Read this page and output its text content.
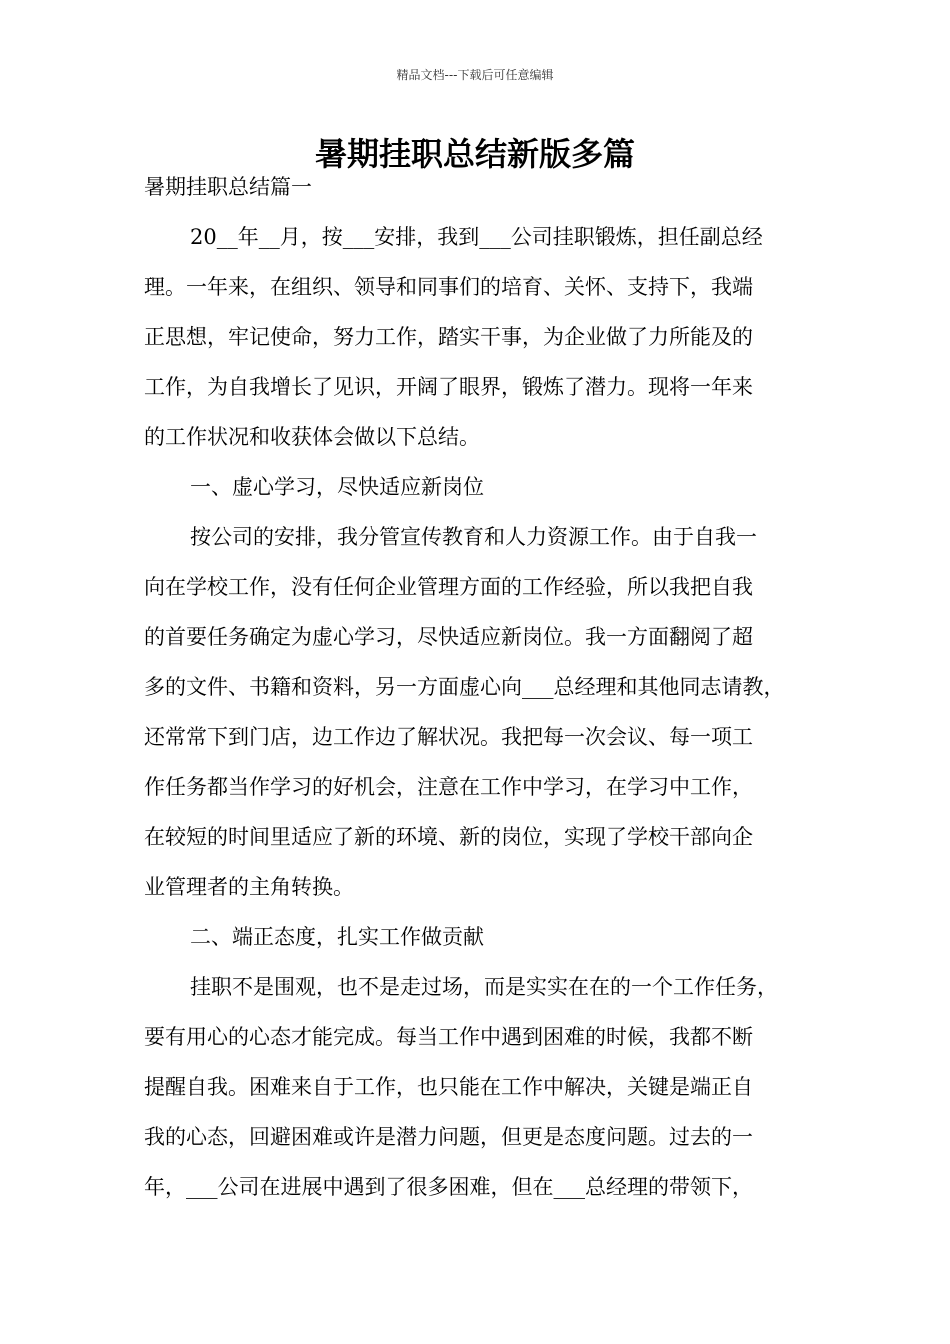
精品文档---下载后可任意编辑
暑期挂职总结新版多篇
暑期挂职总结篇一
20__年__月，按___安排，我到___公司挂职锻炼，担任副总经
理。一年来，在组织、领导和同事们的培育、关怀、支持下，我端
正思想，牢记使命，努力工作，踏实干事，为企业做了力所能及的
工作，为自我增长了见识，开阔了眼界，锻炼了潜力。现将一年来
的工作状况和收获体会做以下总结。
一、虚心学习，尽快适应新岗位
按公司的安排，我分管宣传教育和人力资源工作。由于自我一
向在学校工作，没有任何企业管理方面的工作经验，所以我把自我
的首要任务确定为虚心学习，尽快适应新岗位。我一方面翻阅了超
多的文件、书籍和资料，另一方面虚心向___总经理和其他同志请教，
还常常下到门店，边工作边了解状况。我把每一次会议、每一项工
作任务都当作学习的好机会，注意在工作中学习，在学习中工作，
在较短的时间里适应了新的环境、新的岗位，实现了学校干部向企
业管理者的主角转换。
二、端正态度，扎实工作做贡献
挂职不是围观，也不是走过场，而是实实在在的一个工作任务，
要有用心的心态才能完成。每当工作中遇到困难的时候，我都不断
提醒自我。困难来自于工作，也只能在工作中解决，关键是端正自
我的心态，回避困难或许是潜力问题，但更是态度问题。过去的一
年，___公司在进展中遇到了很多困难，但在___总经理的带领下，
